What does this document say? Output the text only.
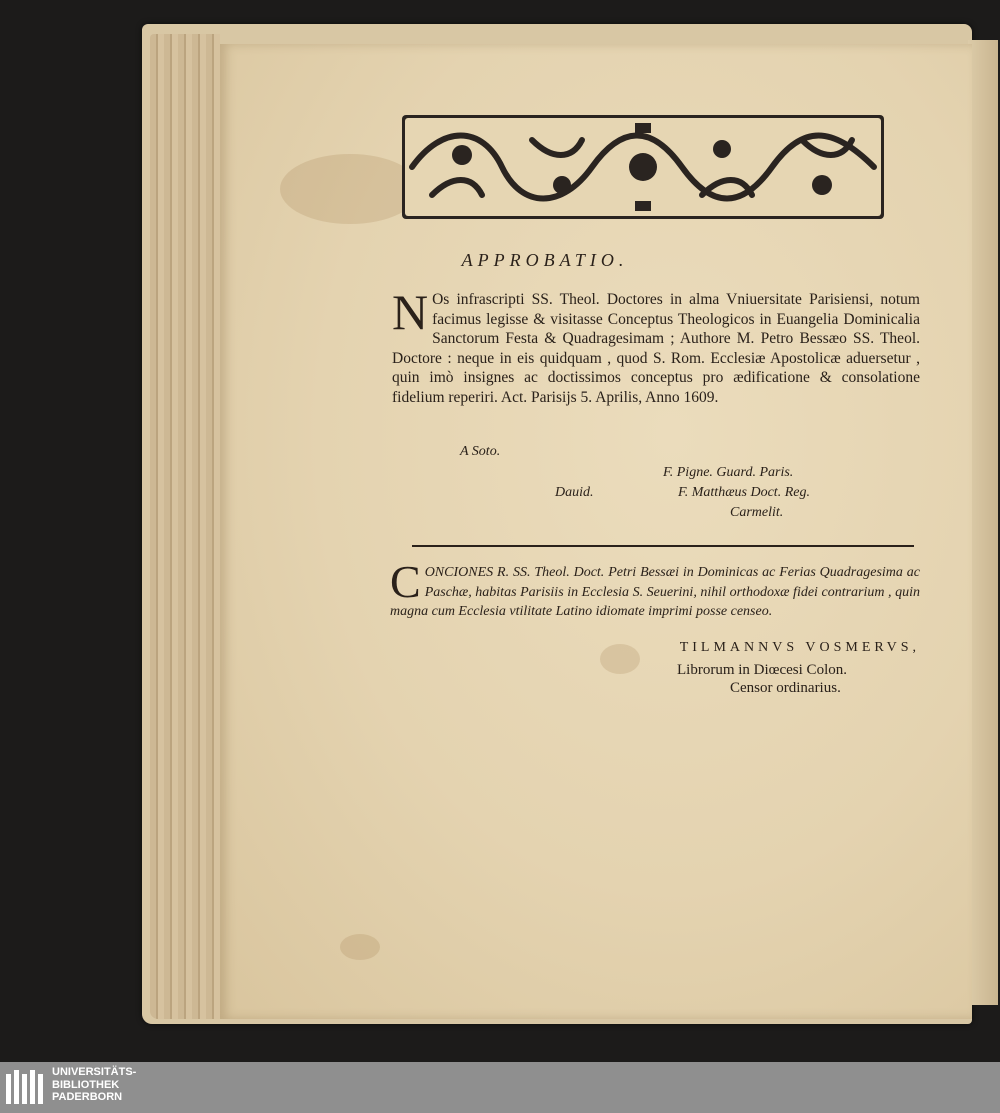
APPROBATIO.
N Os infrascripti SS. Theol. Doctores in alma Vniuersitate Parisiensi, notum facimus legisse & visitasse Conceptus Theologicos in Euangelia Dominicalia Sanctorum Festa & Quadragesimam ; Authore M. Petro Bessæo SS. Theol. Doctore : neque in eis quidquam , quod S. Rom. Ecclesiæ Apostolicæ aduersetur , quin imò insignes ac doctissimos conceptus pro ædificatione & consolatione fidelium reperiri. Act. Parisijs 5. Aprilis, Anno 1609.
A Soto.
F. Pigne. Guard. Paris.
Dauid.	F. Matthæus Doct. Reg.
Carmelit.
C ONCIONES R. SS. Theol. Doct. Petri Bessæi in Dominicas ac Ferias Quadragesima ac Paschæ, habitas Parisiis in Ecclesia S. Seuerini, nihil orthodoxæ fidei contrarium , quin magna cum Ecclesia vtilitate Latino idiomate imprimi posse censeo.
TILMANNVS VOSMERVS,
Librorum in Diœcesi Colon.
Censor ordinarius.
UNIVERSITÄTS-
BIBLIOTHEK
PADERBORN
